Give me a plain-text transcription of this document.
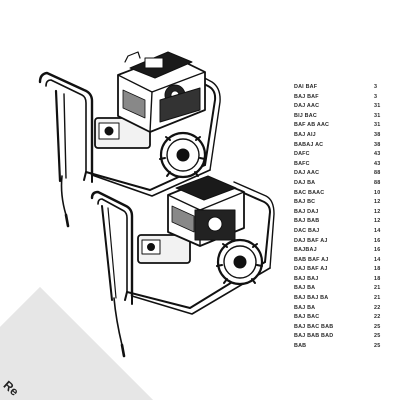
DAI BAF	3
BAJ BAF	3
DAJ AAC	31
BIJ BAC	31
BAF AB AAC	31
BAJ AIJ	38
BABAJ AC	38
DAFC	43
BAFC	43
DAJ AAC	88
DAJ BA	88
BAC BAAC	10
BAJ BC	12
BAJ DAJ	12
BAJ BAB	12
DAC BAJ	14
DAJ BAF AJ	16
BAJBAJ	16
BAB BAF AJ	14
DAJ BAF AJ	18
BAJ BAJ	18
BAJ BA	21
BAJ BAJ BA	21
BAJ BA	22
BAJ BAC	22
BAJ BAC BAB	25
BAJ BAB BAD	25
BAB	25
Re
